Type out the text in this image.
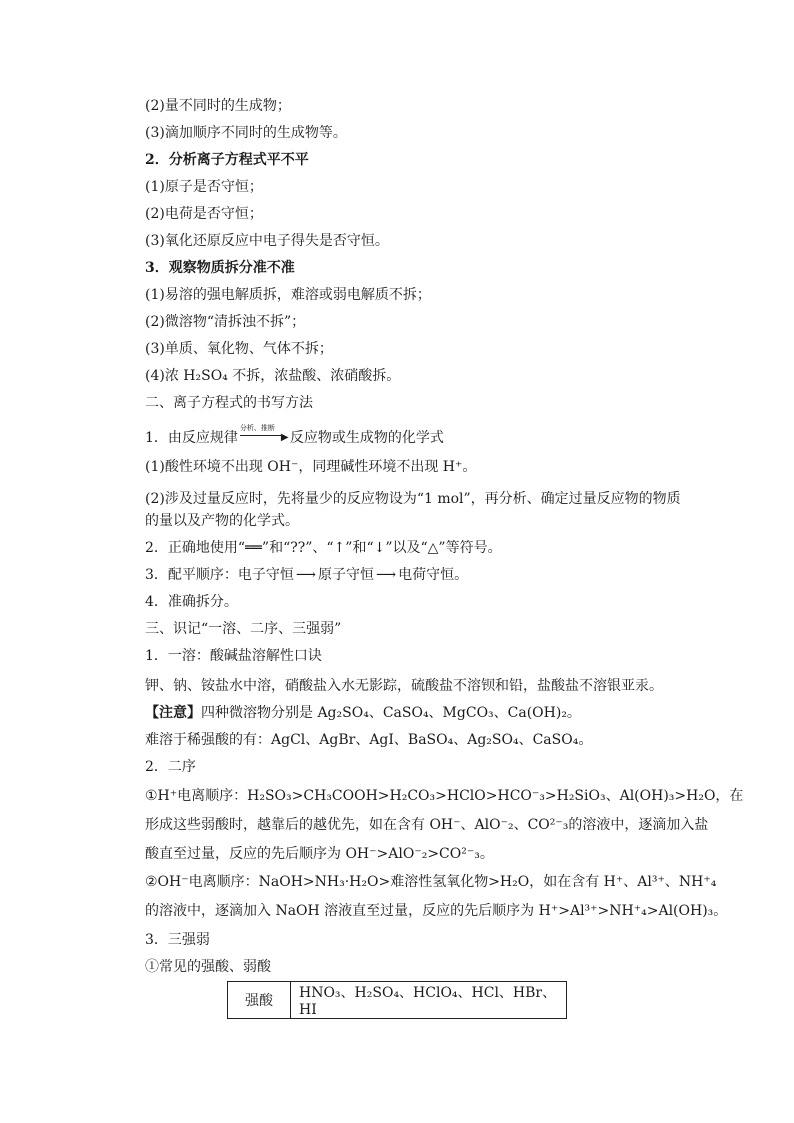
(2)量不同时的生成物；
(3)滴加顺序不同时的生成物等。
2．分析离子方程式平不平
(1)原子是否守恒；
(2)电荷是否守恒；
(3)氧化还原反应中电子得失是否守恒。
3．观察物质拆分准不准
(1)易溶的强电解质拆，难溶或弱电解质不拆；
(2)微溶物“清拆浊不拆”；
(3)单质、氧化物、气体不拆；
(4)浓 H₂SO₄ 不拆，浓盐酸、浓硝酸拆。
二、离子方程式的书写方法
1．由反应规律
分析、推断
▶ 反应物或生成物的化学式
(1)酸性环境不出现 OH⁻，同理碱性环境不出现 H⁺。
(2)涉及过量反应时，先将量少的反应物设为“1 mol”，再分析、确定过量反应物的物质
的量以及产物的化学式。
2．正确地使用“══”和“??”、“↑”和“↓”以及“△”等符号。
3．配平顺序：电子守恒 ⟶ 原子守恒 ⟶ 电荷守恒。
4．准确拆分。
三、识记“一溶、二序、三强弱”
1．一溶：酸碱盐溶解性口诀
钾、钠、铵盐水中溶，硝酸盐入水无影踪，硫酸盐不溶钡和铅，盐酸盐不溶银亚汞。
【注意】四种微溶物分别是 Ag₂SO₄、CaSO₄、MgCO₃、Ca(OH)₂。
难溶于稀强酸的有：AgCl、AgBr、AgI、BaSO₄、Ag₂SO₄、CaSO₄。
2．二序
①H⁺电离顺序：H₂SO₃>CH₃COOH>H₂CO₃>HClO>HCO⁻₃>H₂SiO₃、Al(OH)₃>H₂O，在
形成这些弱酸时，越靠后的越优先，如在含有 OH⁻、AlO⁻₂、CO²⁻₃的溶液中，逐滴加入盐
酸直至过量，反应的先后顺序为 OH⁻>AlO⁻₂>CO²⁻₃。
②OH⁻电离顺序：NaOH>NH₃·H₂O>难溶性氢氧化物>H₂O，如在含有 H⁺、Al³⁺、NH⁺₄
的溶液中，逐滴加入 NaOH 溶液直至过量，反应的先后顺序为 H⁺>Al³⁺>NH⁺₄>Al(OH)₃。
3．三强弱
①常见的强酸、弱酸
强酸	HNO₃、H₂SO₄、HClO₄、HCl、HBr、HI
